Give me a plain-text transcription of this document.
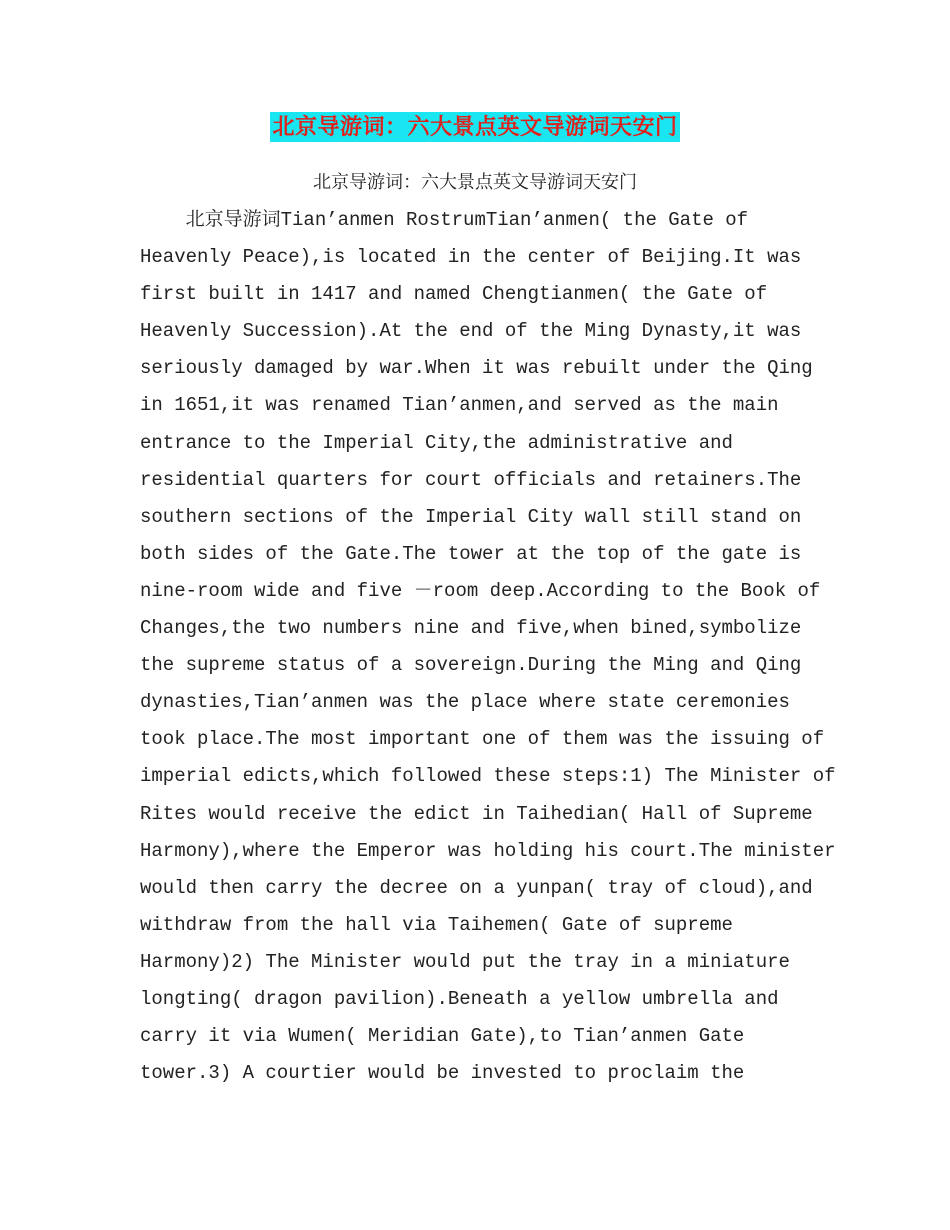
北京导游词：六大景点英文导游词天安门
北京导游词：六大景点英文导游词天安门
北京导游词Tian’anmen RostrumTian’anmen( the Gate of
Heavenly Peace),is located in the center of Beijing.It was
first built in 1417 and named Chengtianmen( the Gate of
Heavenly Succession).At the end of the Ming Dynasty,it was
seriously damaged by war.When it was rebuilt under the Qing
in 1651,it was renamed Tian’anmen,and served as the main
entrance to the Imperial City,the administrative and
residential quarters for court officials and retainers.The
southern sections of the Imperial City wall still stand on
both sides of the Gate.The tower at the top of the gate is
nine-room wide and five －room deep.According to the Book of
Changes,the two numbers nine and five,when bined,symbolize
the supreme status of a sovereign.During the Ming and Qing
dynasties,Tian’anmen was the place where state ceremonies
took place.The most important one of them was the issuing of
imperial edicts,which followed these steps:1) The Minister of
Rites would receive the edict in Taihedian( Hall of Supreme
Harmony),where the Emperor was holding his court.The minister
would then carry the decree on a yunpan( tray of cloud),and
withdraw from the hall via Taihemen( Gate of supreme
Harmony)2) The Minister would put the tray in a miniature
longting( dragon pavilion).Beneath a yellow umbrella and
carry it via Wumen( Meridian Gate),to Tian’anmen Gate
tower.3) A courtier would be invested to proclaim the
